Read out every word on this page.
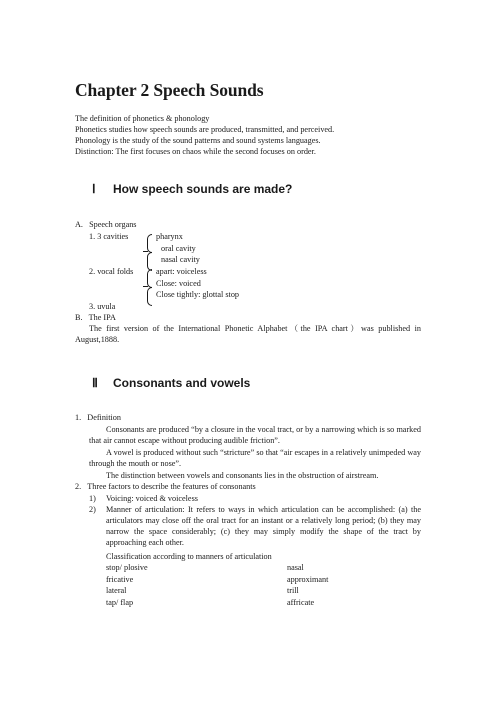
Chapter 2 Speech Sounds
The definition of phonetics & phonology
Phonetics studies how speech sounds are produced, transmitted, and perceived.
Phonology is the study of the sound patterns and sound systems languages.
Distinction: The first focuses on chaos while the second focuses on order.
Ⅰ How speech sounds are made?
A. Speech organs
1. 3 cavities	pharynx
oral cavity
nasal cavity
2. vocal folds	apart: voiceless
Close: voiced
Close tightly: glottal stop
3. uvula
B. The IPA
The first version of the International Phonetic Alphabet（the IPA chart）was published in August,1888.
Ⅱ Consonants and vowels
1. Definition
Consonants are produced “by a closure in the vocal tract, or by a narrowing which is so marked that air cannot escape without producing audible friction”.
A vowel is produced without such “stricture” so that “air escapes in a relatively unimpeded way through the mouth or nose”.
The distinction between vowels and consonants lies in the obstruction of airstream.
2. Three factors to describe the features of consonants
1) Voicing: voiced & voiceless
2) Manner of articulation: It refers to ways in which articulation can be accomplished: (a) the articulators may close off the oral tract for an instant or a relatively long period; (b) they may narrow the space considerably; (c) they may simply modify the shape of the tract by approaching each other.
Classification according to manners of articulation
stop/ plosive	nasal
fricative	approximant
lateral	trill
tap/ flap	affricate
